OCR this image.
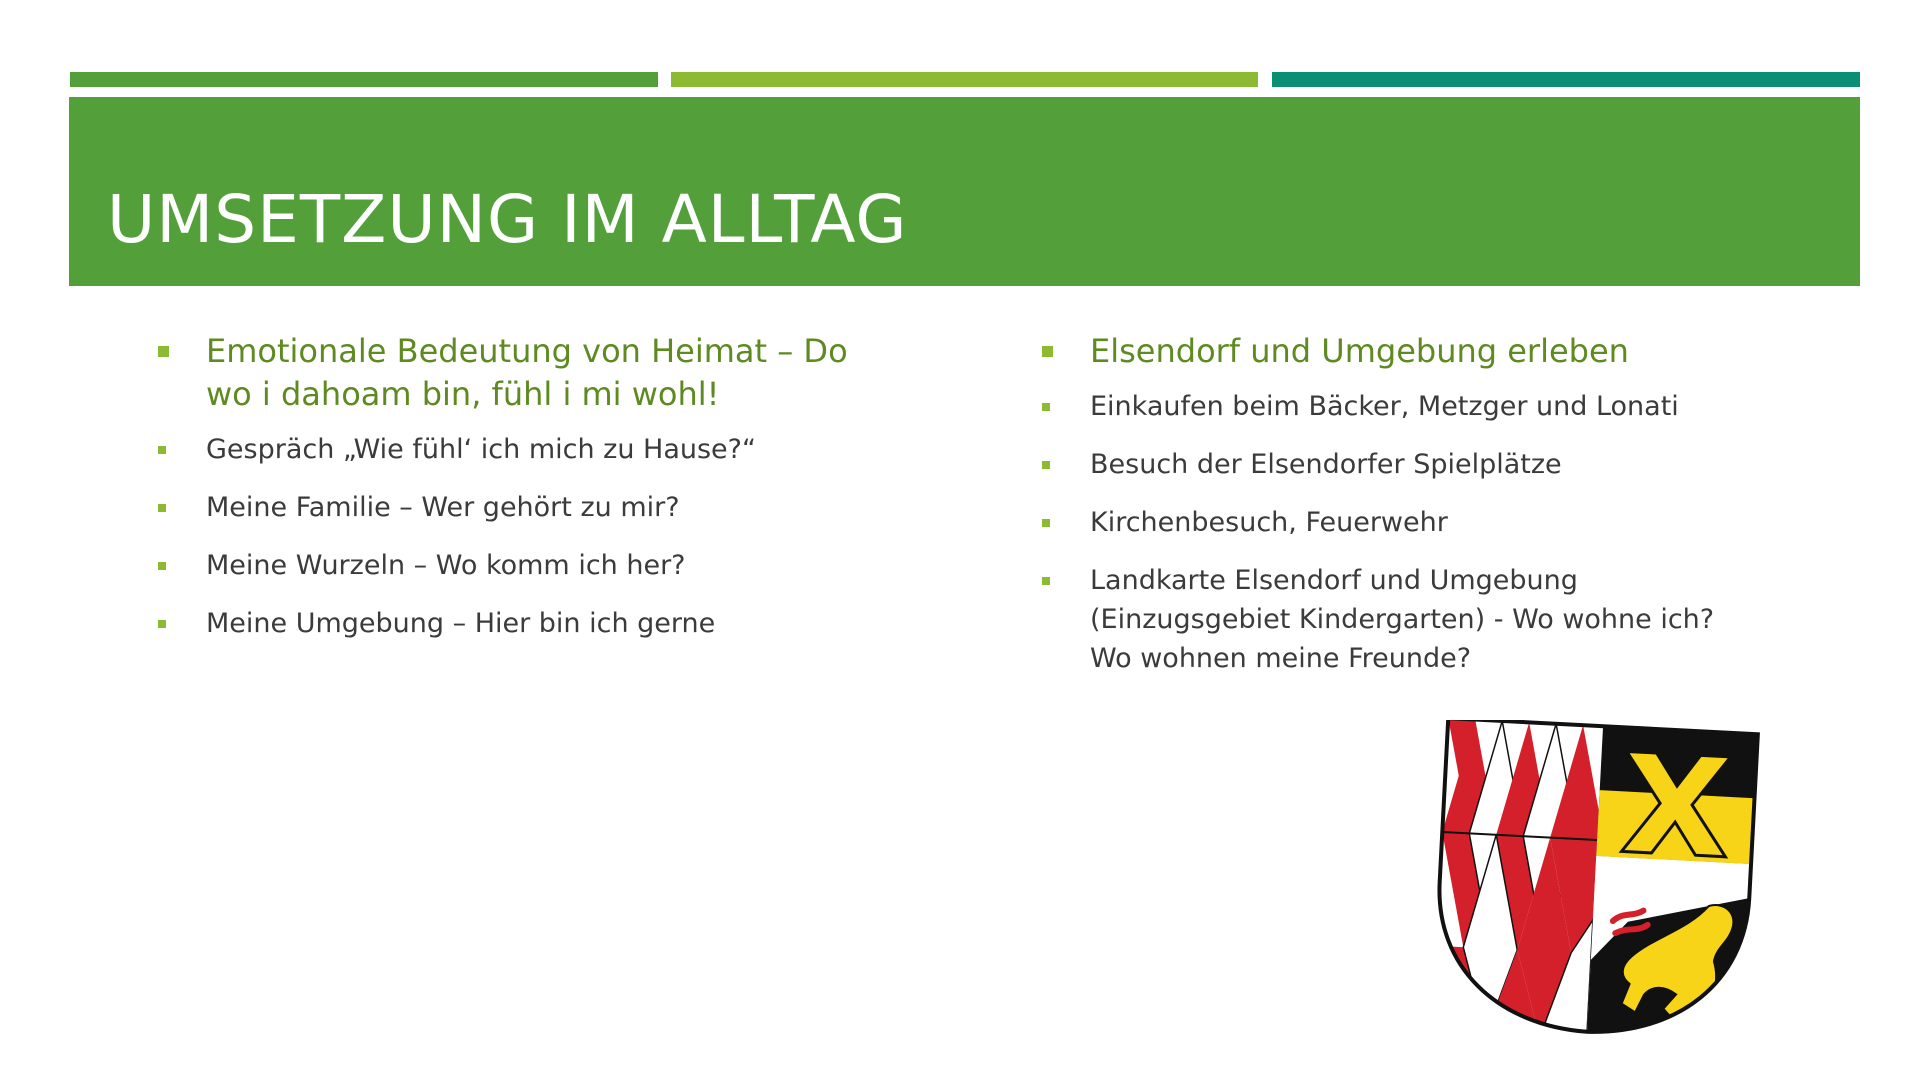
UMSETZUNG IM ALLTAG
Emotionale Bedeutung von Heimat – Do wo i dahoam bin, fühl i mi wohl!
Gespräch „Wie fühl‘ ich mich zu Hause?“
Meine Familie – Wer gehört zu mir?
Meine Wurzeln – Wo komm ich her?
Meine Umgebung – Hier bin ich gerne
Elsendorf und Umgebung erleben
Einkaufen beim Bäcker, Metzger und Lonati
Besuch der Elsendorfer Spielplätze
Kirchenbesuch, Feuerwehr
Landkarte Elsendorf und Umgebung (Einzugsgebiet Kindergarten) - Wo wohne ich? Wo wohnen meine Freunde?
